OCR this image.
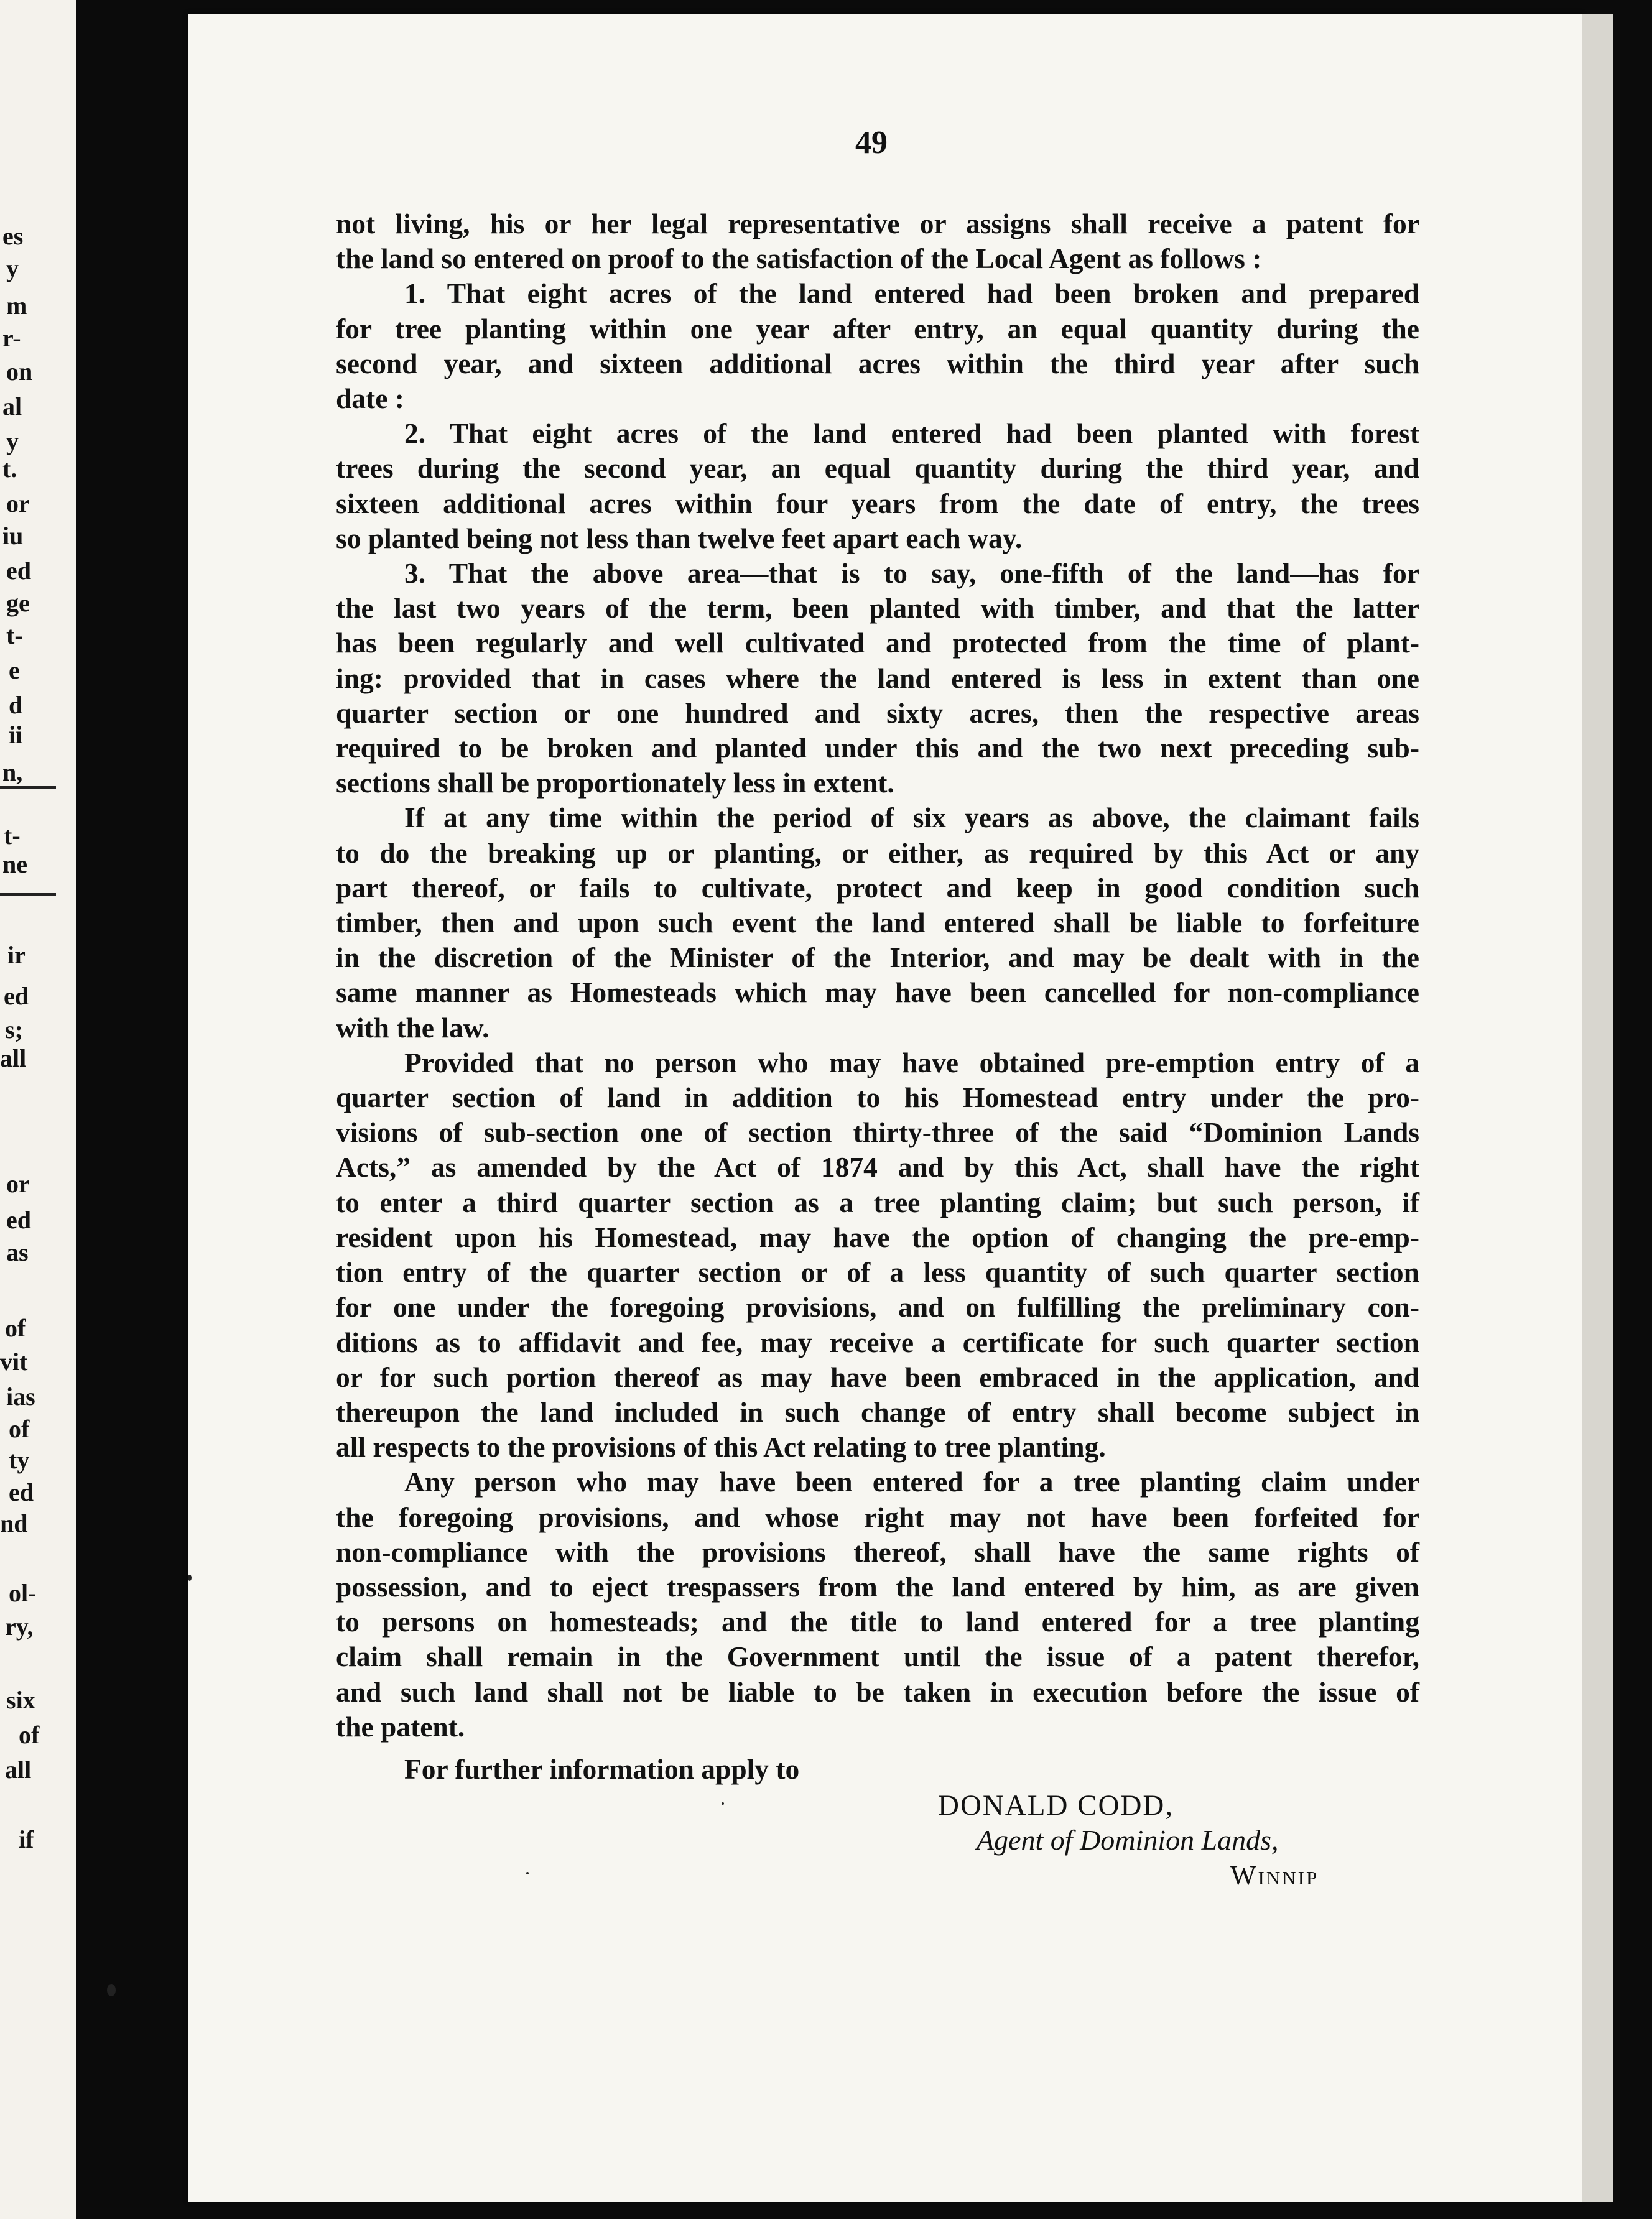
es
y
m
r-
on
al
y
t.
or
iu
ed
ge
t-
e
d
ii
n,
t-
ne
ir
ed
s;
all
or
ed
as
of
vit
ias
of
ty
ed
nd
ol-
ry,
six
of
all
if
49
not living, his or her legal representative or assigns shall receive a patent for
the land so entered on proof to the satisfaction of the Local Agent as follows :
1. That eight acres of the land entered had been broken and prepared
for tree planting within one year after entry, an equal quantity during the
second year, and sixteen additional acres within the third year after such
date :
2. That eight acres of the land entered had been planted with forest
trees during the second year, an equal quantity during the third year, and
sixteen additional acres within four years from the date of entry, the trees
so planted being not less than twelve feet apart each way.
3. That the above area—that is to say, one-fifth of the land—has for
the last two years of the term, been planted with timber, and that the latter
has been regularly and well cultivated and protected from the time of plant-
ing: provided that in cases where the land entered is less in extent than one
quarter section or one hundred and sixty acres, then the respective areas
required to be broken and planted under this and the two next preceding sub-
sections shall be proportionately less in extent.
If at any time within the period of six years as above, the claimant fails
to do the breaking up or planting, or either, as required by this Act or any
part thereof, or fails to cultivate, protect and keep in good condition such
timber, then and upon such event the land entered shall be liable to forfeiture
in the discretion of the Minister of the Interior, and may be dealt with in the
same manner as Homesteads which may have been cancelled for non-compliance
with the law.
Provided that no person who may have obtained pre-emption entry of a
quarter section of land in addition to his Homestead entry under the pro-
visions of sub-section one of section thirty-three of the said “Dominion Lands
Acts,” as amended by the Act of 1874 and by this Act, shall have the right
to enter a third quarter section as a tree planting claim; but such person, if
resident upon his Homestead, may have the option of changing the pre-emp-
tion entry of the quarter section or of a less quantity of such quarter section
for one under the foregoing provisions, and on fulfilling the preliminary con-
ditions as to affidavit and fee, may receive a certificate for such quarter section
or for such portion thereof as may have been embraced in the application, and
thereupon the land included in such change of entry shall become subject in
all respects to the provisions of this Act relating to tree planting.
Any person who may have been entered for a tree planting claim under
the foregoing provisions, and whose right may not have been forfeited for
non-compliance with the provisions thereof, shall have the same rights of
possession, and to eject trespassers from the land entered by him, as are given
to persons on homesteads; and the title to land entered for a tree planting
claim shall remain in the Government until the issue of a patent therefor,
and such land shall not be liable to be taken in execution before the issue of
the patent.
For further information apply to
DONALD CODD,
Agent of Dominion Lands,
Winnip
